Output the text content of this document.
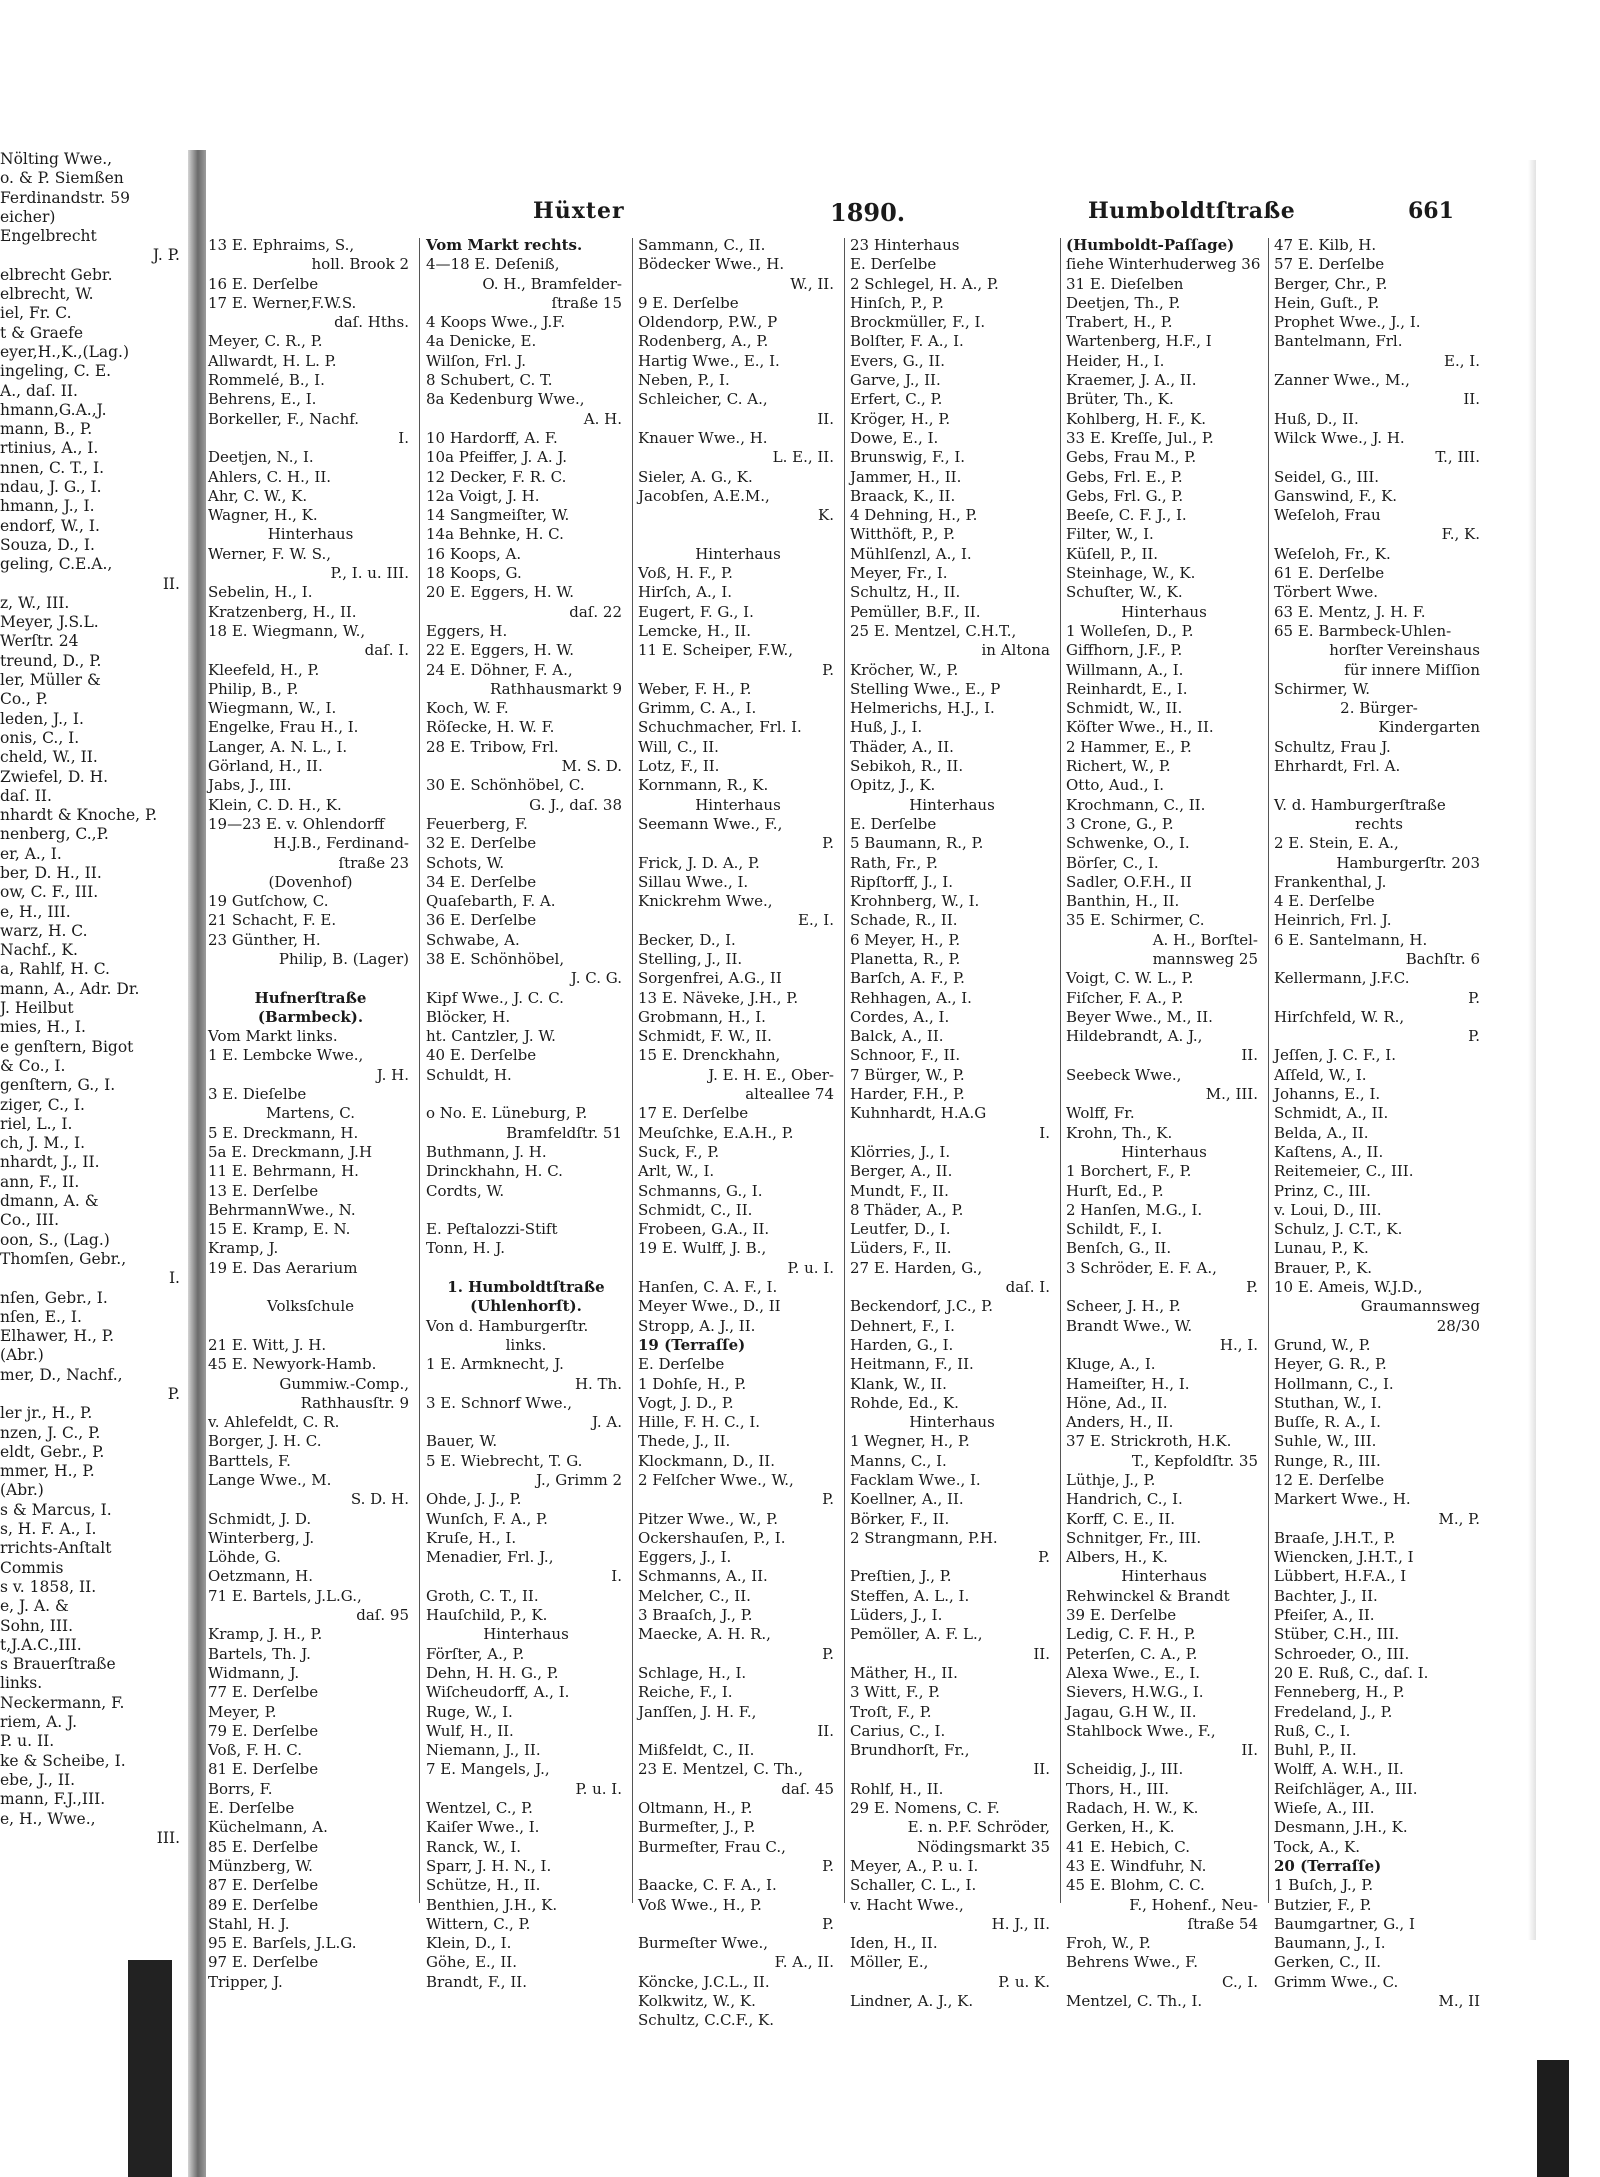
Nölting Wwe.,
o. & P. Siemßen
Ferdinandstr. 59
eicher)
Engelbrecht
J. P.
elbrecht Gebr.
elbrecht, W.
iel, Fr. C.
t & Graefe
eyer,H.,K.,(Lag.)
ingeling, C. E.
A., daſ. II.
hmann,G.A.,J.
mann, B., P.
rtinius, A., I.
nnen, C. T., I.
ndau, J. G., I.
hmann, J., I.
endorf, W., I.
Souza, D., I.
geling, C.E.A.,
II.
z, W., III.
Meyer, J.S.L.
Werſtr. 24
treund, D., P.
ler, Müller &
Co., P.
leden, J., I.
onis, C., I.
cheld, W., II.
Zwiefel, D. H.
daſ. II.
nhardt & Knoche, P.
nenberg, C.,P.
er, A., I.
ber, D. H., II.
ow, C. F., III.
e, H., III.
warz, H. C.
Nachf., K.
a, Rahlf, H. C.
mann, A., Adr. Dr.
J. Heilbut
mies, H., I.
e genſtern, Bigot
& Co., I.
genſtern, G., I.
ziger, C., I.
riel, L., I.
ch, J. M., I.
nhardt, J., II.
ann, F., II.
dmann, A. &
Co., III.
oon, S., (Lag.)
Thomſen, Gebr.,
I.
nſen, Gebr., I.
nſen, E., I.
Elhawer, H., P.
(Abr.)
mer, D., Nachf.,
P.
ler jr., H., P.
nzen, J. C., P.
eldt, Gebr., P.
mmer, H., P.
(Abr.)
s & Marcus, I.
s, H. F. A., I.
rrichts-Anſtalt
Commis
s v. 1858, II.
e, J. A. &
Sohn, III.
t,J.A.C.,III.
s Brauerſtraße
links.
Neckermann, F.
riem, A. J.
P. u. II.
ke & Scheibe, I.
ebe, J., II.
mann, F.J.,III.
e, H., Wwe.,
III.
Hüxter	1890.	Humboldtſtraße	661
13 E. Ephraims, S.,
holl. Brook 2
16 E. Derſelbe
17 E. Werner,F.W.S.
daſ. Hths.
Meyer, C. R., P.
Allwardt, H. L. P.
Rommelé, B., I.
Behrens, E., I.
Borkeller, F., Nachf.
I.
Deetjen, N., I.
Ahlers, C. H., II.
Ahr, C. W., K.
Wagner, H., K.
Hinterhaus
Werner, F. W. S.,
P., I. u. III.
Sebelin, H., I.
Kratzenberg, H., II.
18 E. Wiegmann, W.,
daſ. I.
Kleefeld, H., P.
Philip, B., P.
Wiegmann, W., I.
Engelke, Frau H., I.
Langer, A. N. L., I.
Görland, H., II.
Jabs, J., III.
Klein, C. D. H., K.
19—23 E. v. Ohlendorff
H.J.B., Ferdinand-
ſtraße 23
(Dovenhof)
19 Gutſchow, C.
21 Schacht, F. E.
23 Günther, H.
Philip, B. (Lager)

Hufnerſtraße
(Barmbeck).
Vom Markt links.
1 E. Lembcke Wwe.,
J. H.
3 E. Dieſelbe
Martens, C.
5 E. Dreckmann, H.
5a E. Dreckmann, J.H
11 E. Behrmann, H.
13 E. Derſelbe
BehrmannWwe., N.
15 E. Kramp, E. N.
Kramp, J.
19 E. Das Aerarium

Volksſchule

21 E. Witt, J. H.
45 E. Newyork-Hamb.
Gummiw.-Comp.,
Rathhausſtr. 9
v. Ahlefeldt, C. R.
Borger, J. H. C.
Barttels, F.
Lange Wwe., M.
S. D. H.
Schmidt, J. D.
Winterberg, J.
Löhde, G.
Oetzmann, H.
71 E. Bartels, J.L.G.,
daſ. 95
Kramp, J. H., P.
Bartels, Th. J.
Widmann, J.
77 E. Derſelbe
Meyer, P.
79 E. Derſelbe
Voß, F. H. C.
81 E. Derſelbe
Borrs, F.
E. Derſelbe
Küchelmann, A.
85 E. Derſelbe
Münzberg, W.
87 E. Derſelbe
89 E. Derſelbe
Stahl, H. J.
95 E. Barſels, J.L.G.
97 E. Derſelbe
Tripper, J.
Vom Markt rechts.
4—18 E. Deſeniß,
O. H., Bramfelder-
ſtraße 15
4 Koops Wwe., J.F.
4a Denicke, E.
Wilſon, Frl. J.
8 Schubert, C. T.
8a Kedenburg Wwe.,
A. H.
10 Hardorff, A. F.
10a Pfeiffer, J. A. J.
12 Decker, F. R. C.
12a Voigt, J. H.
14 Sangmeiſter, W.
14a Behnke, H. C.
16 Koops, A.
18 Koops, G.
20 E. Eggers, H. W.
daſ. 22
Eggers, H.
22 E. Eggers, H. W.
24 E. Döhner, F. A.,
Rathhausmarkt 9
Koch, W. F.
Röſecke, H. W. F.
28 E. Tribow, Frl.
M. S. D.
30 E. Schönhöbel, C.
G. J., daſ. 38
Feuerberg, F.
32 E. Derſelbe
Schots, W.
34 E. Derſelbe
Quaſebarth, F. A.
36 E. Derſelbe
Schwabe, A.
38 E. Schönhöbel,
J. C. G.
Kipf Wwe., J. C. C.
Blöcker, H.
ht. Cantzler, J. W.
40 E. Derſelbe
Schuldt, H.

o No. E. Lüneburg, P.
Bramfeldſtr. 51
Buthmann, J. H.
Drinckhahn, H. C.
Cordts, W.

E. Peſtalozzi-Stift
Tonn, H. J.

1. Humboldtſtraße
(Uhlenhorſt).
Von d. Hamburgerſtr.
links.
1 E. Armknecht, J.
H. Th.
3 E. Schnorf Wwe.,
J. A.
Bauer, W.
5 E. Wiebrecht, T. G.
J., Grimm 2
Ohde, J. J., P.
Wunſch, F. A., P.
Kruſe, H., I.
Menadier, Frl. J.,
I.
Groth, C. T., II.
Hauſchild, P., K.
Hinterhaus
Förſter, A., P.
Dehn, H. H. G., P.
Wiſcheudorff, A., I.
Ruge, W., I.
Wulf, H., II.
Niemann, J., II.
7 E. Mangels, J.,
P. u. I.
Wentzel, C., P.
Kaiſer Wwe., I.
Ranck, W., I.
Sparr, J. H. N., I.
Schütze, H., II.
Benthien, J.H., K.
Wittern, C., P.
Klein, D., I.
Göhe, E., II.
Brandt, F., II.
Sammann, C., II.
Bödecker Wwe., H.
W., II.
9 E. Derſelbe
Oldendorp, P.W., P
Rodenberg, A., P.
Hartig Wwe., E., I.
Neben, P., I.
Schleicher, C. A.,
II.
Knauer Wwe., H.
L. E., II.
Sieler, A. G., K.
Jacobſen, A.E.M.,
K.

Hinterhaus
Voß, H. F., P.
Hirſch, A., I.
Eugert, F. G., I.
Lemcke, H., II.
11 E. Scheiper, F.W.,
P.
Weber, F. H., P.
Grimm, C. A., I.
Schuchmacher, Frl. I.
Will, C., II.
Lotz, F., II.
Kornmann, R., K.
Hinterhaus
Seemann Wwe., F.,
P.
Frick, J. D. A., P.
Sillau Wwe., I.
Knickrehm Wwe.,
E., I.
Becker, D., I.
Stelling, J., II.
Sorgenfrei, A.G., II
13 E. Näveke, J.H., P.
Grobmann, H., I.
Schmidt, F. W., II.
15 E. Drenckhahn,
J. E. H. E., Ober-
alteallee 74
17 E. Derſelbe
Meuſchke, E.A.H., P.
Suck, F., P.
Arlt, W., I.
Schmanns, G., I.
Schmidt, C., II.
Frobeen, G.A., II.
19 E. Wulff, J. B.,
P. u. I.
Hanſen, C. A. F., I.
Meyer Wwe., D., II
Stropp, A. J., II.
19 (Terraſſe)
E. Derſelbe
1 Dohſe, H., P.
Vogt, J. D., P.
Hille, F. H. C., I.
Thede, J., II.
Klockmann, D., II.
2 Felſcher Wwe., W.,
P.
Pitzer Wwe., W., P.
Ockershauſen, P., I.
Eggers, J., I.
Schmanns, A., II.
Melcher, C., II.
3 Braaſch, J., P.
Maecke, A. H. R.,
P.
Schlage, H., I.
Reiche, F., I.
Janſſen, J. H. F.,
II.
Mißfeldt, C., II.
23 E. Mentzel, C. Th.,
daſ. 45
Oltmann, H., P.
Burmeſter, J., P.
Burmeſter, Frau C.,
P.
Baacke, C. F. A., I.
Voß Wwe., H., P.
P.
Burmeſter Wwe.,
F. A., II.
Köncke, J.C.L., II.
Kolkwitz, W., K.
Schultz, C.C.F., K.
23 Hinterhaus
E. Derſelbe
2 Schlegel, H. A., P.
Hinſch, P., P.
Brockmüller, F., I.
Bolſter, F. A., I.
Evers, G., II.
Garve, J., II.
Erfert, C., P.
Kröger, H., P.
Dowe, E., I.
Brunswig, F., I.
Jammer, H., II.
Braack, K., II.
4 Dehning, H., P.
Witthöft, P., P.
Mühlſenzl, A., I.
Meyer, Fr., I.
Schultz, H., II.
Pemüller, B.F., II.
25 E. Mentzel, C.H.T.,
in Altona
Kröcher, W., P.
Stelling Wwe., E., P
Helmerichs, H.J., I.
Huß, J., I.
Thäder, A., II.
Sebikoh, R., II.
Opitz, J., K.
Hinterhaus
E. Derſelbe
5 Baumann, R., P.
Rath, Fr., P.
Ripſtorff, J., I.
Krohnberg, W., I.
Schade, R., II.
6 Meyer, H., P.
Planetta, R., P.
Barſch, A. F., P.
Rehhagen, A., I.
Cordes, A., I.
Balck, A., II.
Schnoor, F., II.
7 Bürger, W., P.
Harder, F.H., P.
Kuhnhardt, H.A.G
I.
Klörries, J., I.
Berger, A., II.
Mundt, F., II.
8 Thäder, A., P.
Leutfer, D., I.
Lüders, F., II.
27 E. Harden, G.,
daſ. I.
Beckendorf, J.C., P.
Dehnert, F., I.
Harden, G., I.
Heitmann, F., II.
Klank, W., II.
Rohde, Ed., K.
Hinterhaus
1 Wegner, H., P.
Manns, C., I.
Facklam Wwe., I.
Koellner, A., II.
Börker, F., II.
2 Strangmann, P.H.
P.
Preſtien, J., P.
Steffen, A. L., I.
Lüders, J., I.
Pemöller, A. F. L.,
II.
Mäther, H., II.
3 Witt, F., P.
Troſt, F., P.
Carius, C., I.
Brundhorſt, Fr.,
II.
Rohlf, H., II.
29 E. Nomens, C. F.
E. n. P.F. Schröder,
Nödingsmarkt 35
Meyer, A., P. u. I.
Schaller, C. L., I.
v. Hacht Wwe.,
H. J., II.
Iden, H., II.
Möller, E.,
P. u. K.
Lindner, A. J., K.
(Humboldt-Paſſage)
ſiehe Winterhuderweg 36
31 E. Dieſelben
Deetjen, Th., P.
Trabert, H., P.
Wartenberg, H.F., I
Heider, H., I.
Kraemer, J. A., II.
Brüter, Th., K.
Kohlberg, H. F., K.
33 E. Kreſſe, Jul., P.
Gebs, Frau M., P.
Gebs, Frl. E., P.
Gebs, Frl. G., P.
Beeſe, C. F. J., I.
Filter, W., I.
Küſell, P., II.
Steinhage, W., K.
Schuſter, W., K.
Hinterhaus
1 Wolleſen, D., P.
Giffhorn, J.F., P.
Willmann, A., I.
Reinhardt, E., I.
Schmidt, W., II.
Köſter Wwe., H., II.
2 Hammer, E., P.
Richert, W., P.
Otto, Aud., I.
Krochmann, C., II.
3 Crone, G., P.
Schwenke, O., I.
Börſer, C., I.
Sadler, O.F.H., II
Banthin, H., II.
35 E. Schirmer, C.
A. H., Borſtel-
mannsweg 25
Voigt, C. W. L., P.
Fiſcher, F. A., P.
Beyer Wwe., M., II.
Hildebrandt, A. J.,
II.
Seebeck Wwe.,
M., III.
Wolff, Fr.
Krohn, Th., K.
Hinterhaus
1 Borchert, F., P.
Hurſt, Ed., P.
2 Hanſen, M.G., I.
Schildt, F., I.
Benſch, G., II.
3 Schröder, E. F. A.,
P.
Scheer, J. H., P.
Brandt Wwe., W.
H., I.
Kluge, A., I.
Hameiſter, H., I.
Höne, Ad., II.
Anders, H., II.
37 E. Strickroth, H.K.
T., Kepfoldſtr. 35
Lüthje, J., P.
Handrich, C., I.
Korff, C. E., II.
Schnitger, Fr., III.
Albers, H., K.
Hinterhaus
Rehwinckel & Brandt
39 E. Derſelbe
Ledig, C. F. H., P.
Peterſen, C. A., P.
Alexa Wwe., E., I.
Sievers, H.W.G., I.
Jagau, G.H W., II.
Stahlbock Wwe., F.,
II.
Scheidig, J., III.
Thors, H., III.
Radach, H. W., K.
Gerken, H., K.
41 E. Hebich, C.
43 E. Windfuhr, N.
45 E. Blohm, C. C.
F., Hohenf., Neu-
ſtraße 54
Froh, W., P.
Behrens Wwe., F.
C., I.
Mentzel, C. Th., I.
47 E. Kilb, H.
57 E. Derſelbe
Berger, Chr., P.
Hein, Guſt., P.
Prophet Wwe., J., I.
Bantelmann, Frl.
E., I.
Zanner Wwe., M.,
II.
Huß, D., II.
Wilck Wwe., J. H.
T., III.
Seidel, G., III.
Ganswind, F., K.
Weſeloh, Frau
F., K.
Weſeloh, Fr., K.
61 E. Derſelbe
Törbert Wwe.
63 E. Mentz, J. H. F.
65 E. Barmbeck-Uhlen-
horſter Vereinshaus
für innere Miſſion
Schirmer, W.
2. Bürger-
Kindergarten
Schultz, Frau J.
Ehrhardt, Frl. A.

V. d. Hamburgerſtraße
rechts
2 E. Stein, E. A.,
Hamburgerſtr. 203
Frankenthal, J.
4 E. Derſelbe
Heinrich, Frl. J.
6 E. Santelmann, H.
Bachſtr. 6
Kellermann, J.F.C.
P.
Hirſchfeld, W. R.,
P.
Jeſſen, J. C. F., I.
Aſſeld, W., I.
Johanns, E., I.
Schmidt, A., II.
Belda, A., II.
Kaſtens, A., II.
Reitemeier, C., III.
Prinz, C., III.
v. Loui, D., III.
Schulz, J. C.T., K.
Lunau, P., K.
Brauer, P., K.
10 E. Ameis, W.J.D.,
Graumannsweg
28/30
Grund, W., P.
Heyer, G. R., P.
Hollmann, C., I.
Stuthan, W., I.
Buſſe, R. A., I.
Suhle, W., III.
Runge, R., III.
12 E. Derſelbe
Markert Wwe., H.
M., P.
Braaſe, J.H.T., P.
Wiencken, J.H.T., I
Lübbert, H.F.A., I
Bachter, J., II.
Pfeiſer, A., II.
Stüber, C.H., III.
Schroeder, O., III.
20 E. Ruß, C., daſ. I.
Fenneberg, H., P.
Fredeland, J., P.
Ruß, C., I.
Buhl, P., II.
Wolff, A. W.H., II.
Reiſchläger, A., III.
Wieſe, A., III.
Desmann, J.H., K.
Tock, A., K.
20 (Terraſſe)
1 Buſch, J., P.
Butzier, F., P.
Baumgartner, G., I
Baumann, J., I.
Gerken, C., II.
Grimm Wwe., C.
M., II
